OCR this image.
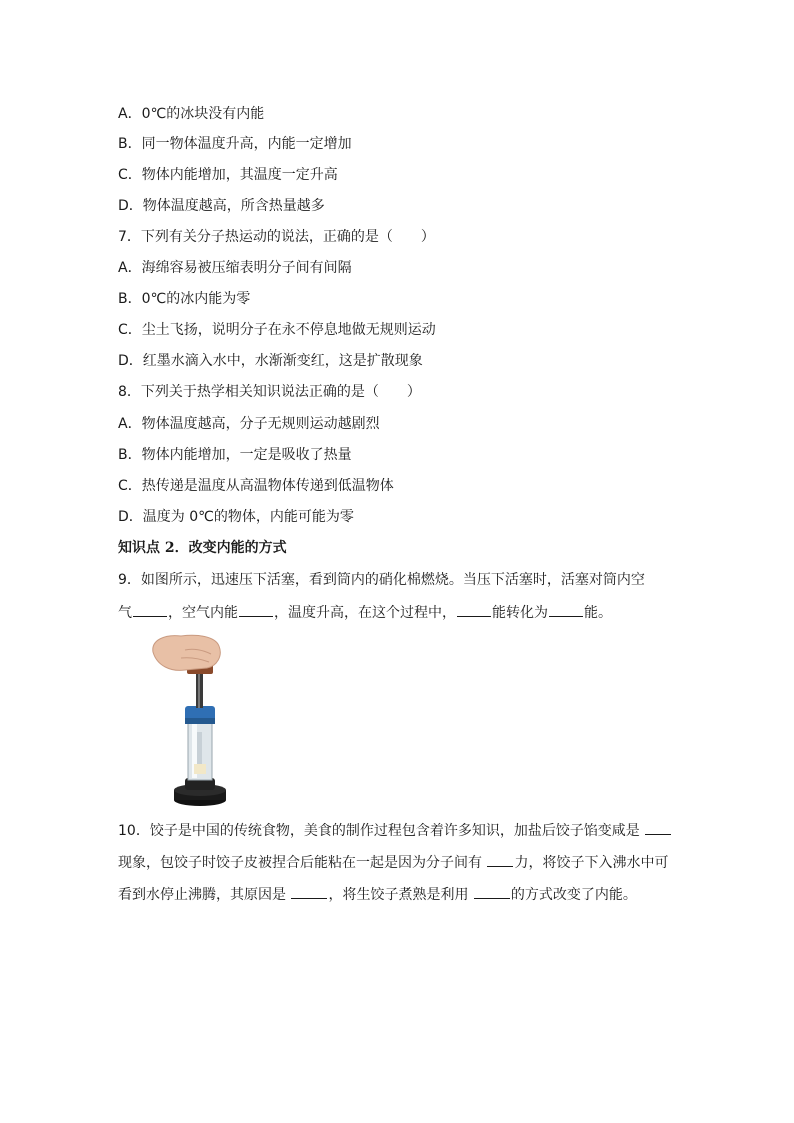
A．0℃的冰块没有内能
B．同一物体温度升高，内能一定增加
C．物体内能增加，其温度一定升高
D．物体温度越高，所含热量越多
7．下列有关分子热运动的说法，正确的是（　　）
A．海绵容易被压缩表明分子间有间隔
B．0℃的冰内能为零
C．尘土飞扬，说明分子在永不停息地做无规则运动
D．红墨水滴入水中，水渐渐变红，这是扩散现象
8．下列关于热学相关知识说法正确的是（　　）
A．物体温度越高，分子无规则运动越剧烈
B．物体内能增加，一定是吸收了热量
C．热传递是温度从高温物体传递到低温物体
D．温度为 0℃的物体，内能可能为零
知识点 2．改变内能的方式
9．如图所示，迅速压下活塞，看到筒内的硝化棉燃烧。当压下活塞时，活塞对筒内空
气	，空气内能	，温度升高，在这个过程中，	能转化为	能。
10．饺子是中国的传统食物，美食的制作过程包含着许多知识，加盐后饺子馅变咸是
现象，包饺子时饺子皮被捏合后能粘在一起是因为分子间有 力，将饺子下入沸水中可
看到水停止沸腾，其原因是	，将生饺子煮熟是利用	的方式改变了内能。
